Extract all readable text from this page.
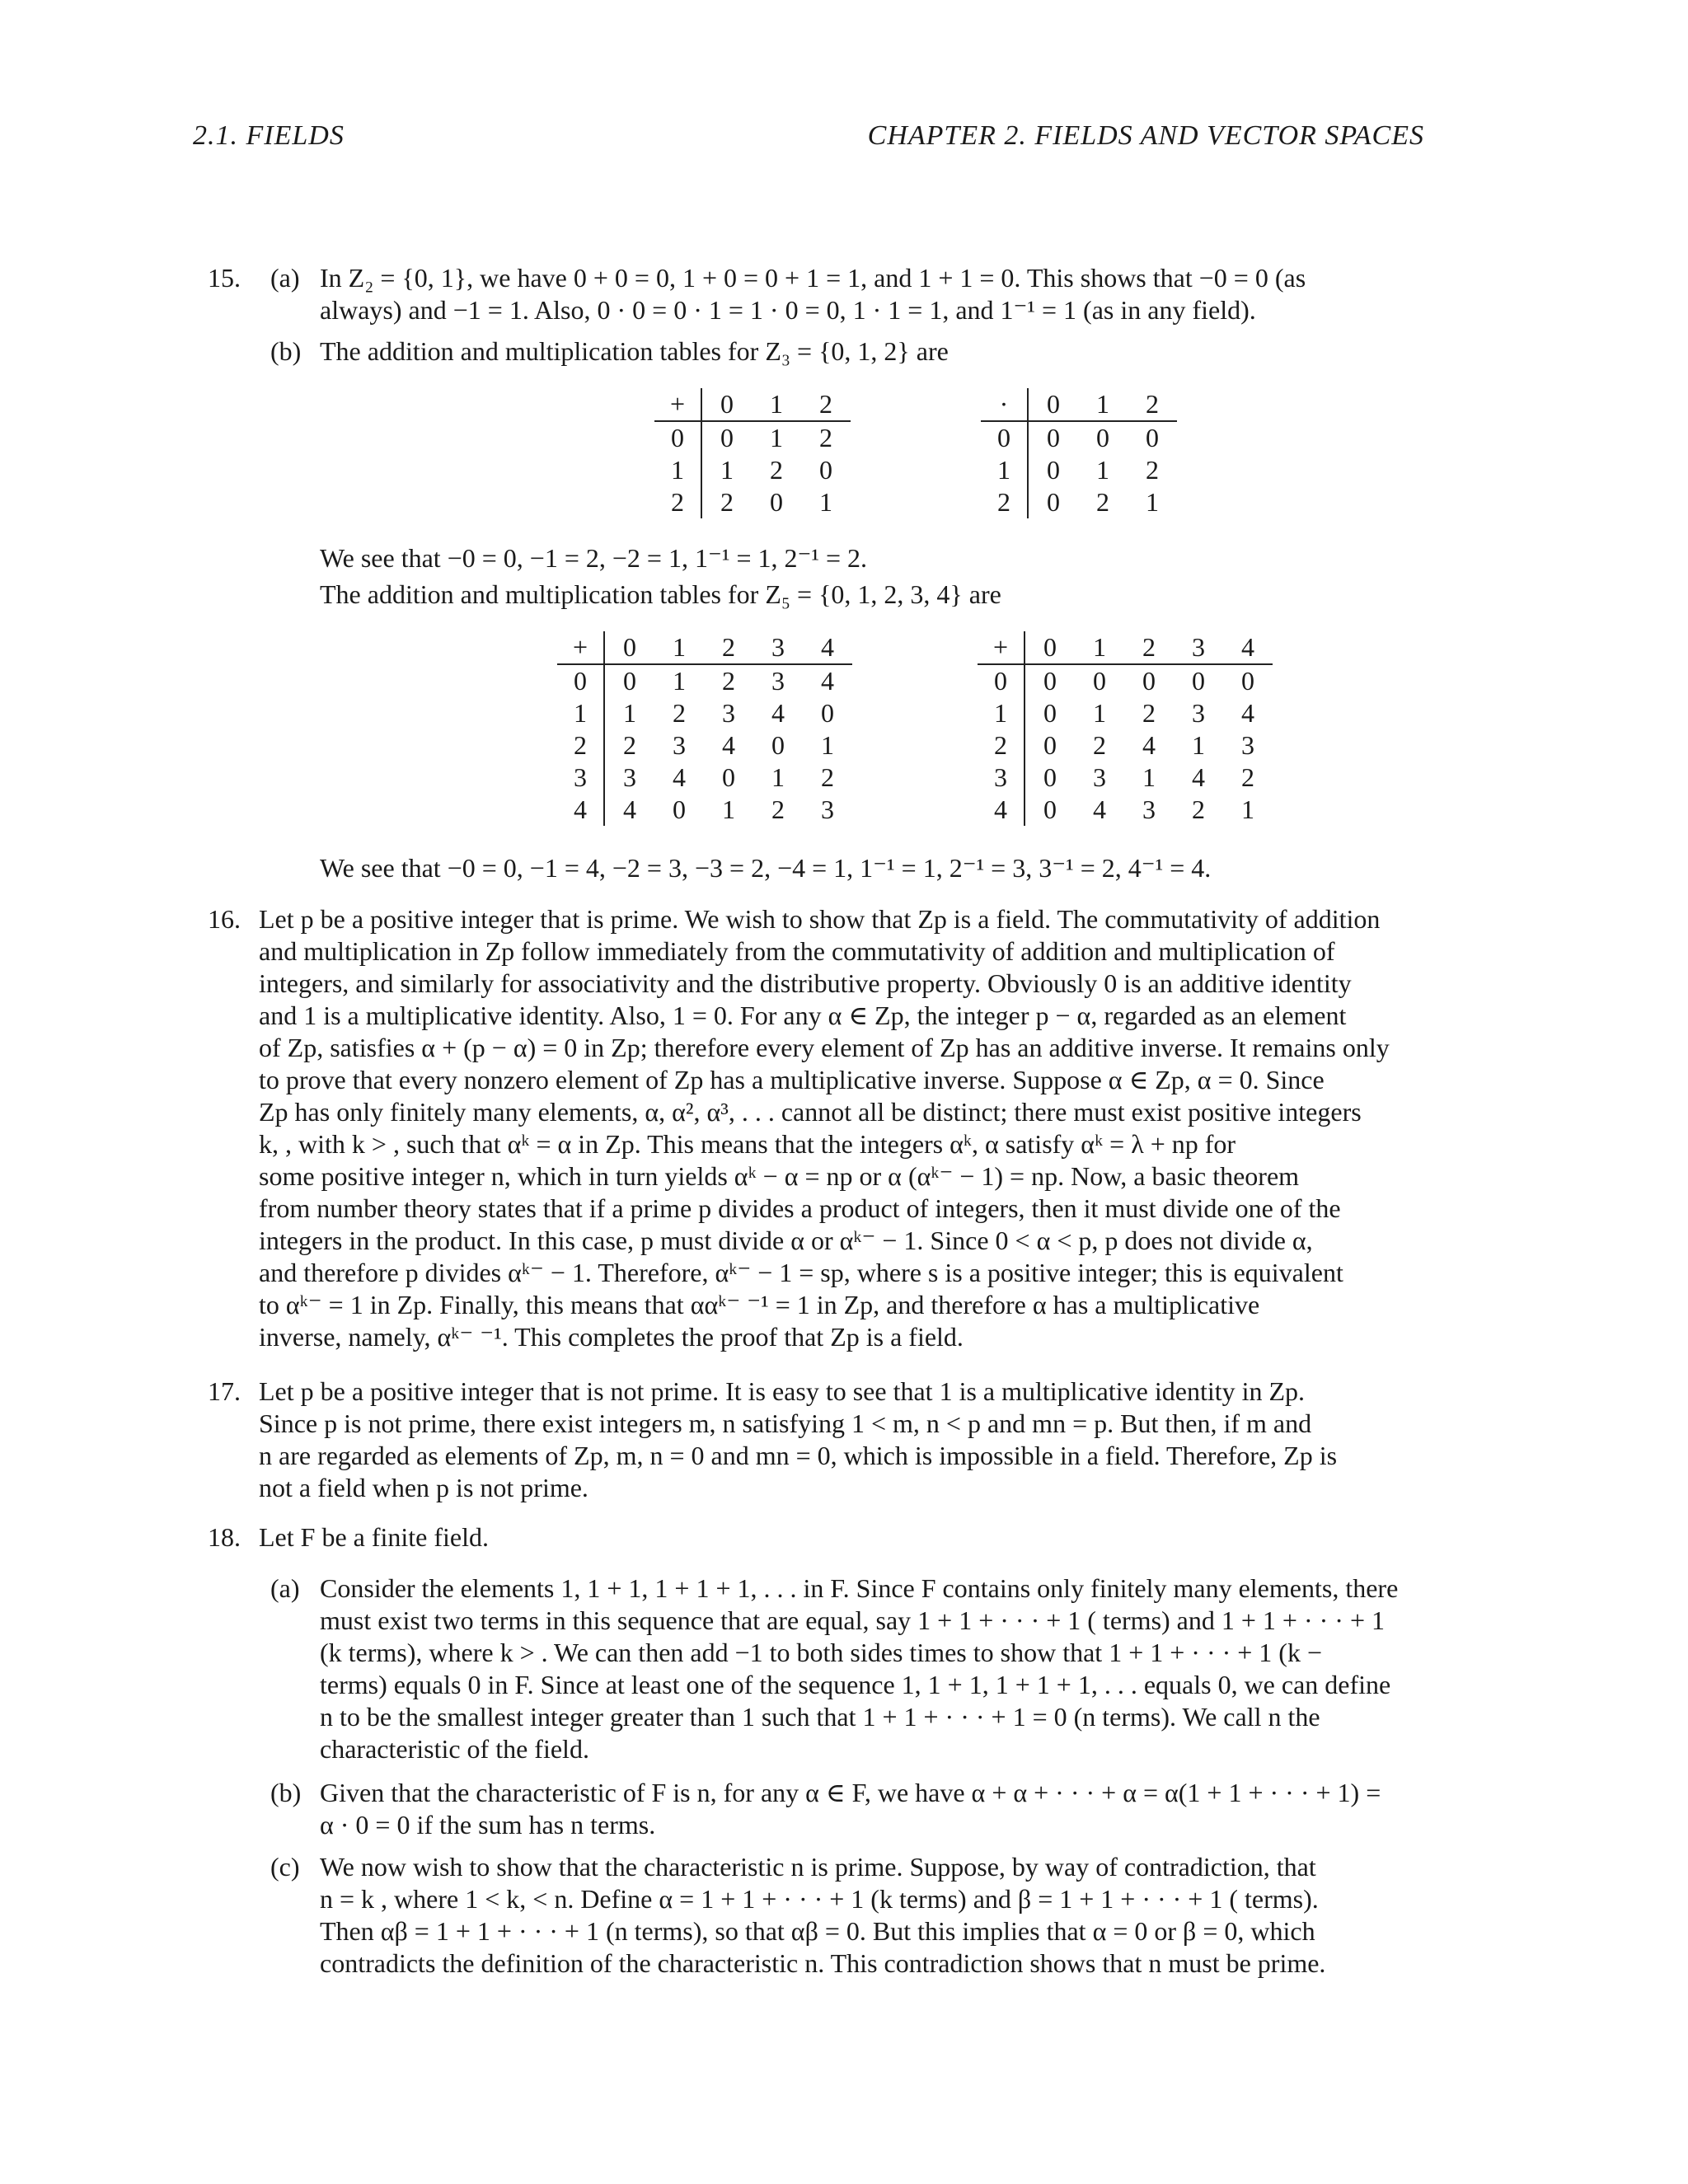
2.1. FIELDS	CHAPTER 2. FIELDS AND VECTOR SPACES
15. (a) In Z₂ = {0, 1}, we have 0 + 0 = 0, 1 + 0 = 0 + 1 = 1, and 1 + 1 = 0. This shows that −0 = 0 (as
always) and −1 = 1. Also, 0 · 0 = 0 · 1 = 1 · 0 = 0, 1 · 1 = 1, and 1⁻¹ = 1 (as in any field).
(b) The addition and multiplication tables for Z₃ = {0, 1, 2} are
+	0	1	2
0	0	1	2
1	1	2	0
2	2	0	1
·	0	1	2
0	0	0	0
1	0	1	2
2	0	2	1
We see that −0 = 0, −1 = 2, −2 = 1, 1⁻¹ = 1, 2⁻¹ = 2.
The addition and multiplication tables for Z₅ = {0, 1, 2, 3, 4} are
+	0	1	2	3	4
0	0	1	2	3	4
1	1	2	3	4	0
2	2	3	4	0	1
3	3	4	0	1	2
4	4	0	1	2	3
+	0	1	2	3	4
0	0	0	0	0	0
1	0	1	2	3	4
2	0	2	4	1	3
3	0	3	1	4	2
4	0	4	3	2	1
We see that −0 = 0, −1 = 4, −2 = 3, −3 = 2, −4 = 1, 1⁻¹ = 1, 2⁻¹ = 3, 3⁻¹ = 2, 4⁻¹ = 4.
16. Let p be a positive integer that is prime. We wish to show that Zp is a field. The commutativity of addition
and multiplication in Zp follow immediately from the commutativity of addition and multiplication of
integers, and similarly for associativity and the distributive property. Obviously 0 is an additive identity
and 1 is a multiplicative identity. Also, 1 = 0. For any α ∈ Zp, the integer p − α, regarded as an element
of Zp, satisfies α + (p − α) = 0 in Zp; therefore every element of Zp has an additive inverse. It remains only
to prove that every nonzero element of Zp has a multiplicative inverse. Suppose α ∈ Zp, α = 0. Since
Zp has only finitely many elements, α, α², α³, . . . cannot all be distinct; there must exist positive integers
k, , with k > , such that αᵏ = α in Zp. This means that the integers αᵏ, α satisfy αᵏ = λ + np for
some positive integer n, which in turn yields αᵏ − α = np or α (αᵏ⁻ − 1) = np. Now, a basic theorem
from number theory states that if a prime p divides a product of integers, then it must divide one of the
integers in the product. In this case, p must divide α or αᵏ⁻ − 1. Since 0 < α < p, p does not divide α,
and therefore p divides αᵏ⁻ − 1. Therefore, αᵏ⁻ − 1 = sp, where s is a positive integer; this is equivalent
to αᵏ⁻ = 1 in Zp. Finally, this means that ααᵏ⁻ ⁻¹ = 1 in Zp, and therefore α has a multiplicative
inverse, namely, αᵏ⁻ ⁻¹. This completes the proof that Zp is a field.
17. Let p be a positive integer that is not prime. It is easy to see that 1 is a multiplicative identity in Zp.
Since p is not prime, there exist integers m, n satisfying 1 < m, n < p and mn = p. But then, if m and
n are regarded as elements of Zp, m, n = 0 and mn = 0, which is impossible in a field. Therefore, Zp is
not a field when p is not prime.
18. Let F be a finite field.
(a) Consider the elements 1, 1 + 1, 1 + 1 + 1, . . . in F. Since F contains only finitely many elements, there
must exist two terms in this sequence that are equal, say 1 + 1 + · · · + 1 ( terms) and 1 + 1 + · · · + 1
(k terms), where k > . We can then add −1 to both sides times to show that 1 + 1 + · · · + 1 (k −
terms) equals 0 in F. Since at least one of the sequence 1, 1 + 1, 1 + 1 + 1, . . . equals 0, we can define
n to be the smallest integer greater than 1 such that 1 + 1 + · · · + 1 = 0 (n terms). We call n the
characteristic of the field.
(b) Given that the characteristic of F is n, for any α ∈ F, we have α + α + · · · + α = α(1 + 1 + · · · + 1) =
α · 0 = 0 if the sum has n terms.
(c) We now wish to show that the characteristic n is prime. Suppose, by way of contradiction, that
n = k , where 1 < k, < n. Define α = 1 + 1 + · · · + 1 (k terms) and β = 1 + 1 + · · · + 1 ( terms).
Then αβ = 1 + 1 + · · · + 1 (n terms), so that αβ = 0. But this implies that α = 0 or β = 0, which
contradicts the definition of the characteristic n. This contradiction shows that n must be prime.
